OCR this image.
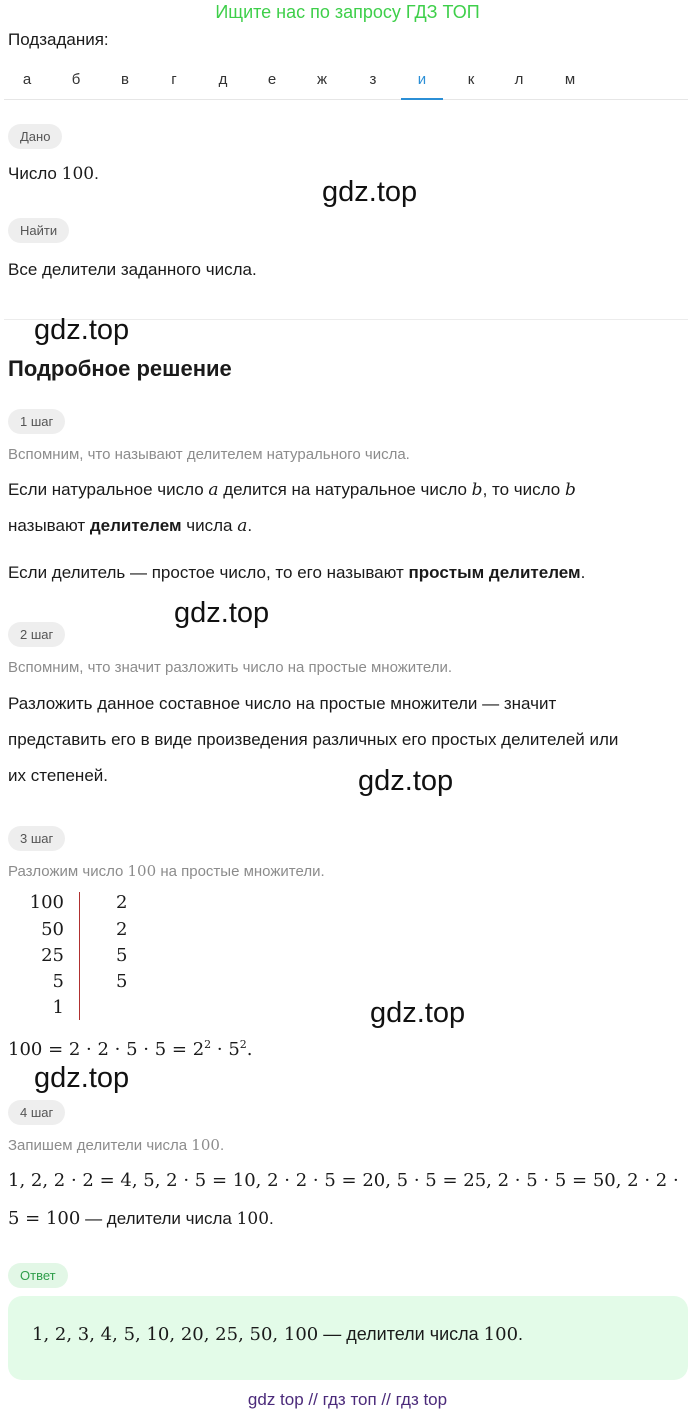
Ищите нас по запросу ГДЗ ТОП
Подзадания:
а	б	в	г	д	е	ж	з	и	к	л	м
Дано
Число 100.
gdz.top
Найти
Все делители заданного числа.
gdz.top
Подробное решение
1 шаг
Вспомним, что называют делителем натурального числа.
Если натуральное число a делится на натуральное число b, то число b
называют делителем числа a.
Если делитель — простое число, то его называют простым делителем.
gdz.top
2 шаг
Вспомним, что значит разложить число на простые множители.
Разложить данное составное число на простые множители — значит
представить его в виде произведения различных его простых делителей или
их степеней.	gdz.top
3 шаг
Разложим число 100 на простые множители.
100	2
50	2
25	5
5	5
1	gdz.top
$100 = 2 \cdot 2 \cdot 5 \cdot 5 = 2^2 \cdot 5^2$.
gdz.top
4 шаг
Запишем делители числа 100.
1, 2, 2 · 2 = 4, 5, 2 · 5 = 10, 2 · 2 · 5 = 20, 5 · 5 = 25, 2 · 5 · 5 = 50, 2 · 2 ·
5 = 100 — делители числа 100.
Ответ
1, 2, 3, 4, 5, 10, 20, 25, 50, 100 — делители числа 100.
gdz top // гдз топ // гдз top
